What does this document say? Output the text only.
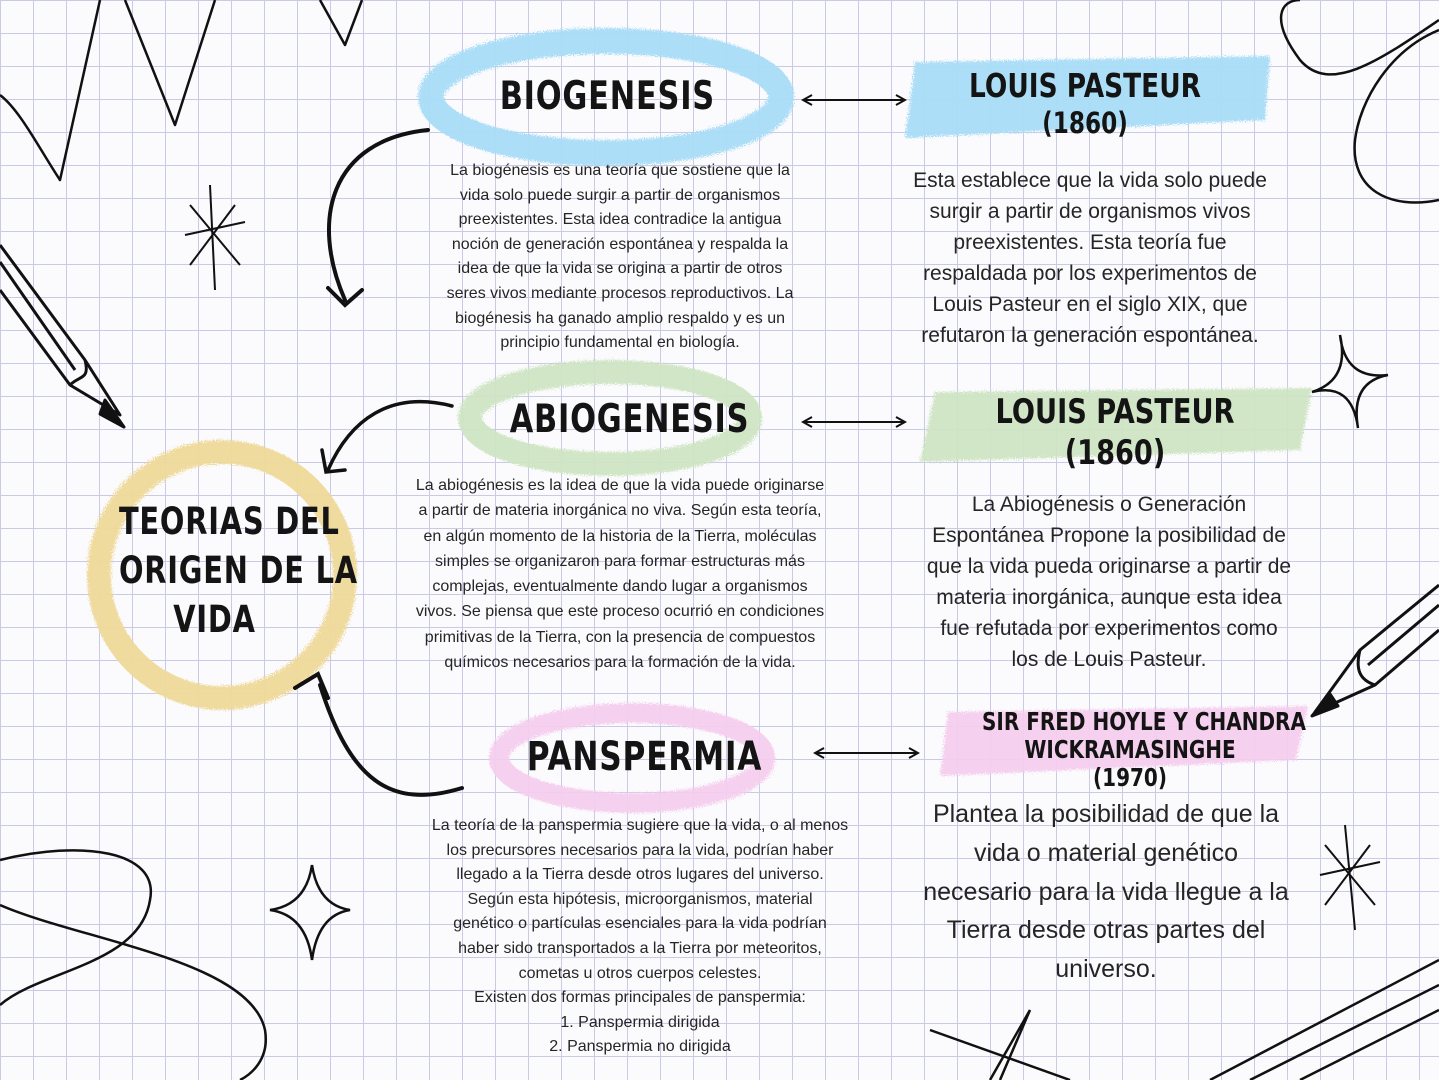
TEORIAS DEL
ORIGEN DE LA
VIDA
BIOGENESIS
La biogénesis es una teoría que sostiene que la
vida solo puede surgir a partir de organismos
preexistentes. Esta idea contradice la antigua
noción de generación espontánea y respalda la
idea de que la vida se origina a partir de otros
seres vivos mediante procesos reproductivos. La
biogénesis ha ganado amplio respaldo y es un
principio fundamental en biología.
LOUIS PASTEUR
(1860)
Esta establece que la vida solo puede
surgir a partir de organismos vivos
preexistentes. Esta teoría fue
respaldada por los experimentos de
Louis Pasteur en el siglo XIX, que
refutaron la generación espontánea.
ABIOGENESIS
La abiogénesis es la idea de que la vida puede originarse
a partir de materia inorgánica no viva. Según esta teoría,
en algún momento de la historia de la Tierra, moléculas
simples se organizaron para formar estructuras más
complejas, eventualmente dando lugar a organismos
vivos. Se piensa que este proceso ocurrió en condiciones
primitivas de la Tierra, con la presencia de compuestos
químicos necesarios para la formación de la vida.
LOUIS PASTEUR
(1860)
La Abiogénesis o Generación
Espontánea Propone la posibilidad de
que la vida pueda originarse a partir de
materia inorgánica, aunque esta idea
fue refutada por experimentos como
los de Louis Pasteur.
PANSPERMIA
La teoría de la panspermia sugiere que la vida, o al menos
los precursores necesarios para la vida, podrían haber
llegado a la Tierra desde otros lugares del universo.
Según esta hipótesis, microorganismos, material
genético o partículas esenciales para la vida podrían
haber sido transportados a la Tierra por meteoritos,
cometas u otros cuerpos celestes.
Existen dos formas principales de panspermia:
1. Panspermia dirigida
2. Panspermia no dirigida
SIR FRED HOYLE Y CHANDRA
WICKRAMASINGHE
(1970)
Plantea la posibilidad de que la
vida o material genético
necesario para la vida llegue a la
Tierra desde otras partes del
universo.
